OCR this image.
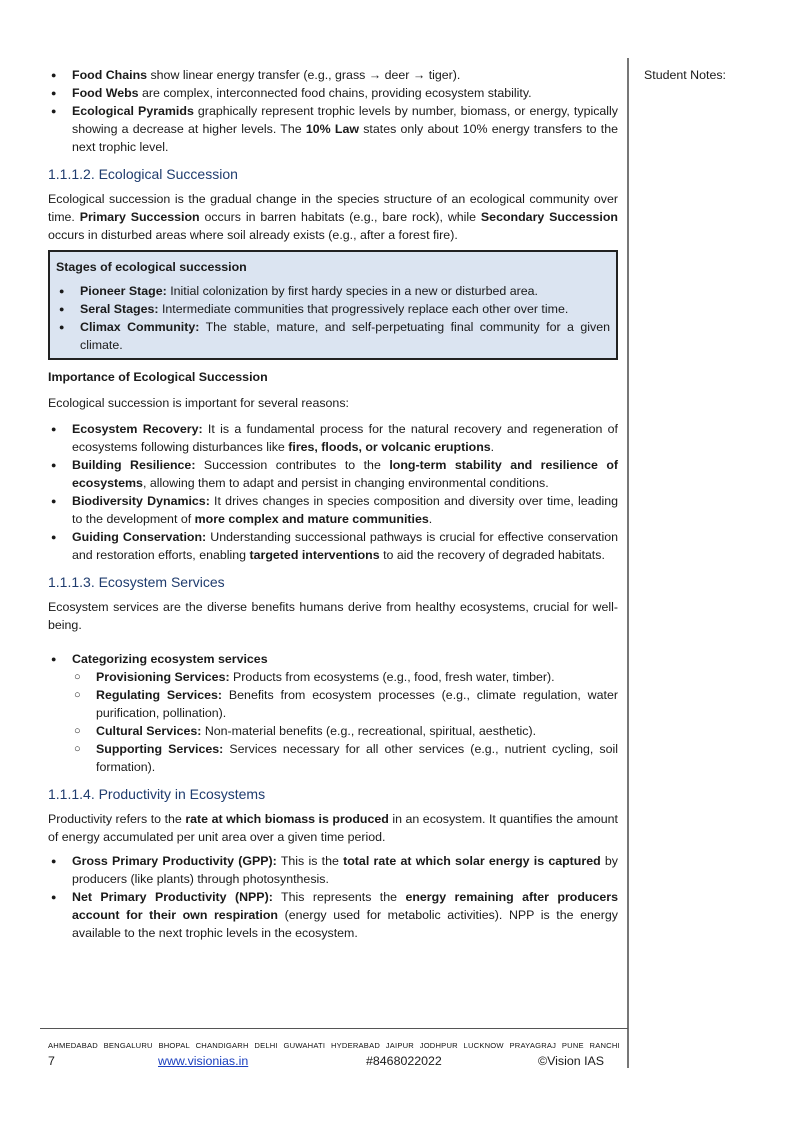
Student Notes:
● Food Chains show linear energy transfer (e.g., grass → deer → tiger).
● Food Webs are complex, interconnected food chains, providing ecosystem stability.
● Ecological Pyramids graphically represent trophic levels by number, biomass, or energy, typically showing a decrease at higher levels. The 10% Law states only about 10% energy transfers to the next trophic level.
1.1.1.2. Ecological Succession

Ecological succession is the gradual change in the species structure of an ecological community over time. Primary Succession occurs in barren habitats (e.g., bare rock), while Secondary Succession occurs in disturbed areas where soil already exists (e.g., after a forest fire).

Stages of ecological succession
● Pioneer Stage: Initial colonization by first hardy species in a new or disturbed area.
● Seral Stages: Intermediate communities that progressively replace each other over time.
● Climax Community: The stable, mature, and self-perpetuating final community for a given climate.

Importance of Ecological Succession

Ecological succession is important for several reasons:

● Ecosystem Recovery: It is a fundamental process for the natural recovery and regeneration of ecosystems following disturbances like fires, floods, or volcanic eruptions.
● Building Resilience: Succession contributes to the long-term stability and resilience of ecosystems, allowing them to adapt and persist in changing environmental conditions.
● Biodiversity Dynamics: It drives changes in species composition and diversity over time, leading to the development of more complex and mature communities.
● Guiding Conservation: Understanding successional pathways is crucial for effective conservation and restoration efforts, enabling targeted interventions to aid the recovery of degraded habitats.
1.1.1.3. Ecosystem Services

Ecosystem services are the diverse benefits humans derive from healthy ecosystems, crucial for well-being.

● Categorizing ecosystem services
○ Provisioning Services: Products from ecosystems (e.g., food, fresh water, timber).
○ Regulating Services: Benefits from ecosystem processes (e.g., climate regulation, water purification, pollination).
○ Cultural Services: Non-material benefits (e.g., recreational, spiritual, aesthetic).
○ Supporting Services: Services necessary for all other services (e.g., nutrient cycling, soil formation).
1.1.1.4. Productivity in Ecosystems

Productivity refers to the rate at which biomass is produced in an ecosystem. It quantifies the amount of energy accumulated per unit area over a given time period.

● Gross Primary Productivity (GPP): This is the total rate at which solar energy is captured by producers (like plants) through photosynthesis.
● Net Primary Productivity (NPP): This represents the energy remaining after producers account for their own respiration (energy used for metabolic activities). NPP is the energy available to the next trophic levels in the ecosystem.
AHMEDABAD BENGALURU BHOPAL CHANDIGARH DELHI GUWAHATI HYDERABAD JAIPUR JODHPUR LUCKNOW PRAYAGRAJ PUNE RANCHI
7	www.visionias.in	#8468022022	©Vision IAS
